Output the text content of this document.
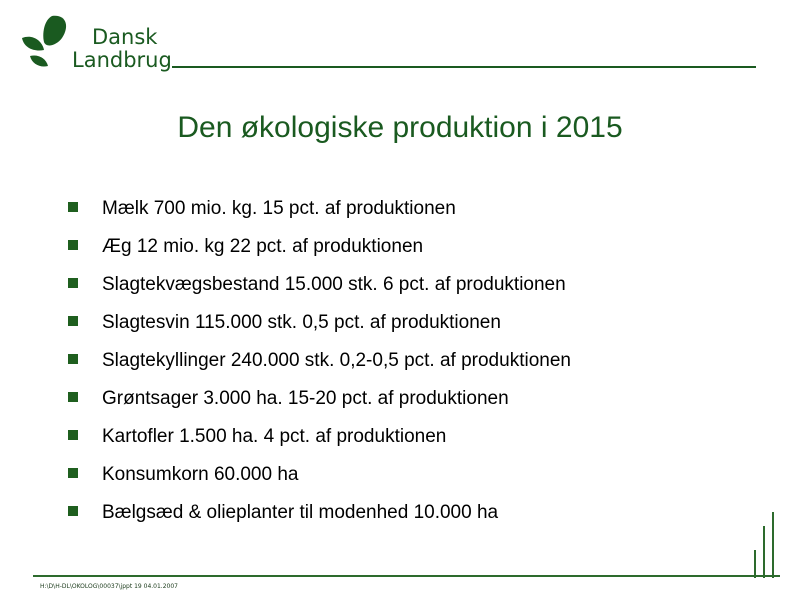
Dansk
Landbrug
Den økologiske produktion i 2015
Mælk 700 mio. kg. 15 pct. af produktionen
Æg 12 mio. kg 22 pct. af produktionen
Slagtekvægsbestand 15.000 stk. 6 pct. af produktionen
Slagtesvin 115.000 stk. 0,5 pct. af produktionen
Slagtekyllinger 240.000 stk. 0,2-0,5 pct. af produktionen
Grøntsager 3.000 ha. 15-20 pct. af produktionen
Kartofler 1.500 ha. 4 pct. af produktionen
Konsumkorn 60.000 ha
Bælgsæd & olieplanter til modenhed 10.000 ha
H:\D\H-DL\OKOLOG\00037\jppt 19 04.01.2007
